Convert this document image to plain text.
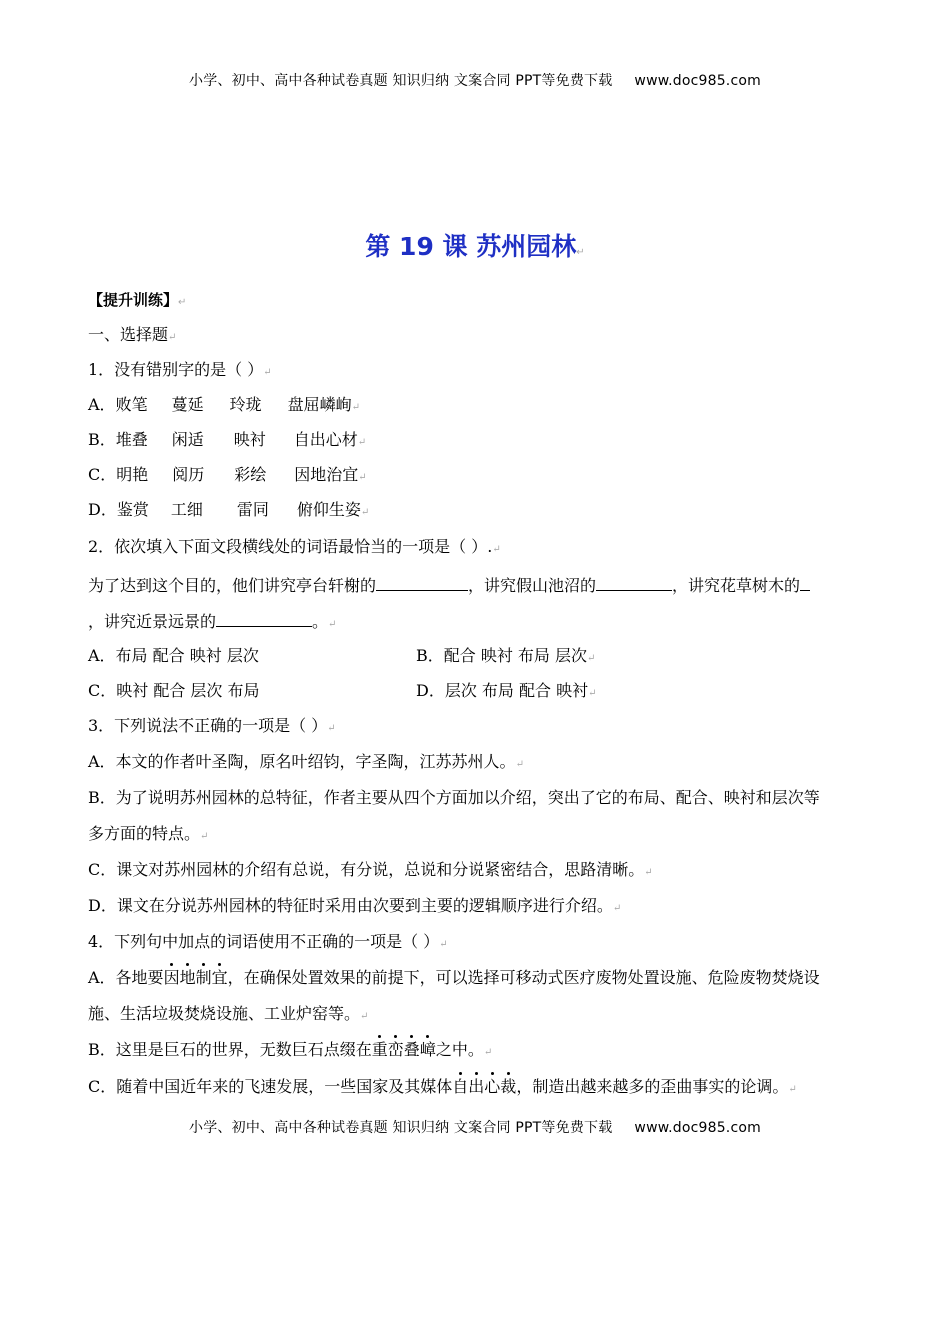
小学、初中、高中各种试卷真题 知识归纳 文案合同 PPT等免费下载 www.doc985.com
第 19 课 苏州园林↵
【提升训练】↵
一、选择题↵
1．没有错别字的是（ ）↵
A．败笔 蔓延 玲珑 盘屈嶙峋↵
B．堆叠 闲适 映衬 自出心材↵
C．明艳 阅历 彩绘 因地治宜↵
D．鉴赏 工细 雷同 俯仰生姿↵
2．依次填入下面文段横线处的词语最恰当的一项是（ ）.↵
为了达到这个目的，他们讲究亭台轩榭的	，讲究假山池沼的	，讲究花草树木的
，讲究近景远景的	。↵
A．布局 配合 映衬 层次	B．配合 映衬 布局 层次↵
C．映衬 配合 层次 布局	D．层次 布局 配合 映衬↵
3．下列说法不正确的一项是（ ）↵
A．本文的作者叶圣陶，原名叶绍钧，字圣陶，江苏苏州人。↵
B．为了说明苏州园林的总特征，作者主要从四个方面加以介绍，突出了它的布局、配合、映衬和层次等
多方面的特点。↵
C．课文对苏州园林的介绍有总说，有分说，总说和分说紧密结合，思路清晰。↵
D．课文在分说苏州园林的特征时采用由次要到主要的逻辑顺序进行介绍。↵
4．下列句中加点的词语使用不正确的一项是（ ）↵
A．各地要因地制宜，在确保处置效果的前提下，可以选择可移动式医疗废物处置设施、危险废物焚烧设
施、生活垃圾焚烧设施、工业炉窑等。↵
B．这里是巨石的世界，无数巨石点缀在重峦叠嶂之中。↵
C．随着中国近年来的飞速发展，一些国家及其媒体自出心裁，制造出越来越多的歪曲事实的论调。↵
小学、初中、高中各种试卷真题 知识归纳 文案合同 PPT等免费下载 www.doc985.com
